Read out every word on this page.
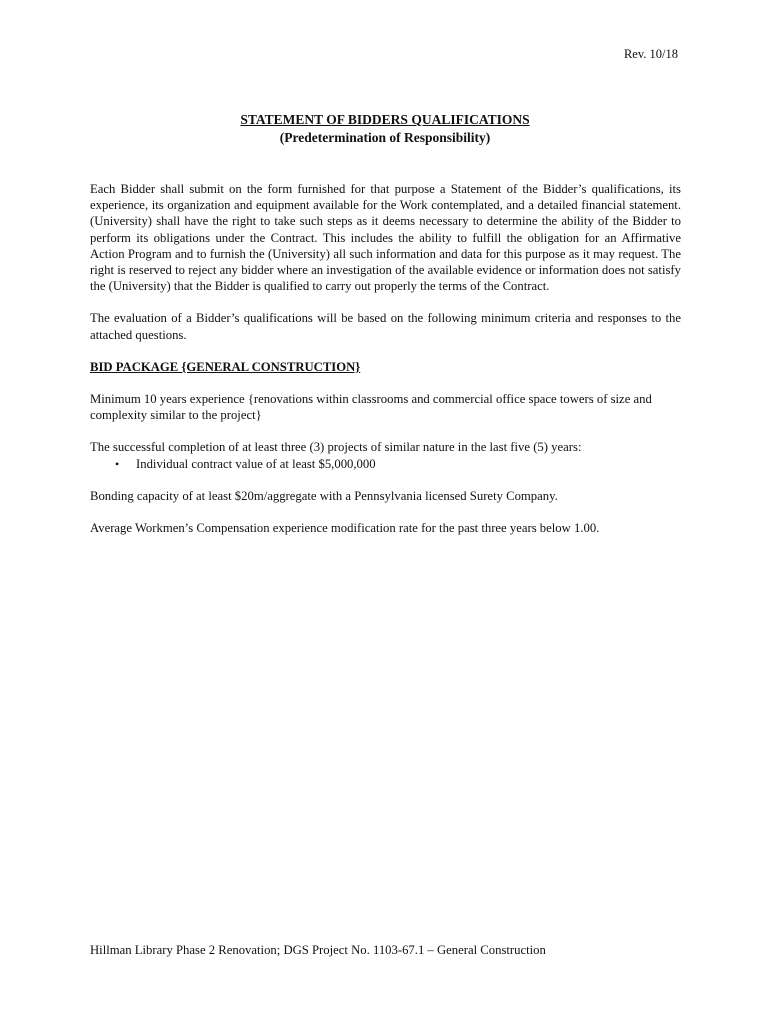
Rev. 10/18
STATEMENT OF BIDDERS QUALIFICATIONS
(Predetermination of Responsibility)

Each Bidder shall submit on the form furnished for that purpose a Statement of the Bidder’s qualifications, its experience, its organization and equipment available for the Work contemplated, and a detailed financial statement. (University) shall have the right to take such steps as it deems necessary to determine the ability of the Bidder to perform its obligations under the Contract. This includes the ability to fulfill the obligation for an Affirmative Action Program and to furnish the (University) all such information and data for this purpose as it may request. The right is reserved to reject any bidder where an investigation of the available evidence or information does not satisfy the (University) that the Bidder is qualified to carry out properly the terms of the Contract.

The evaluation of a Bidder’s qualifications will be based on the following minimum criteria and responses to the attached questions.

BID PACKAGE {GENERAL CONSTRUCTION}

Minimum 10 years experience {renovations within classrooms and commercial office space towers of size and complexity similar to the project}

The successful completion of at least three (3) projects of similar nature in the last five (5) years:

• Individual contract value of at least $5,000,000

Bonding capacity of at least $20m/aggregate with a Pennsylvania licensed Surety Company.

Average Workmen’s Compensation experience modification rate for the past three years below 1.00.

Hillman Library Phase 2 Renovation; DGS Project No. 1103-67.1 – General Construction
